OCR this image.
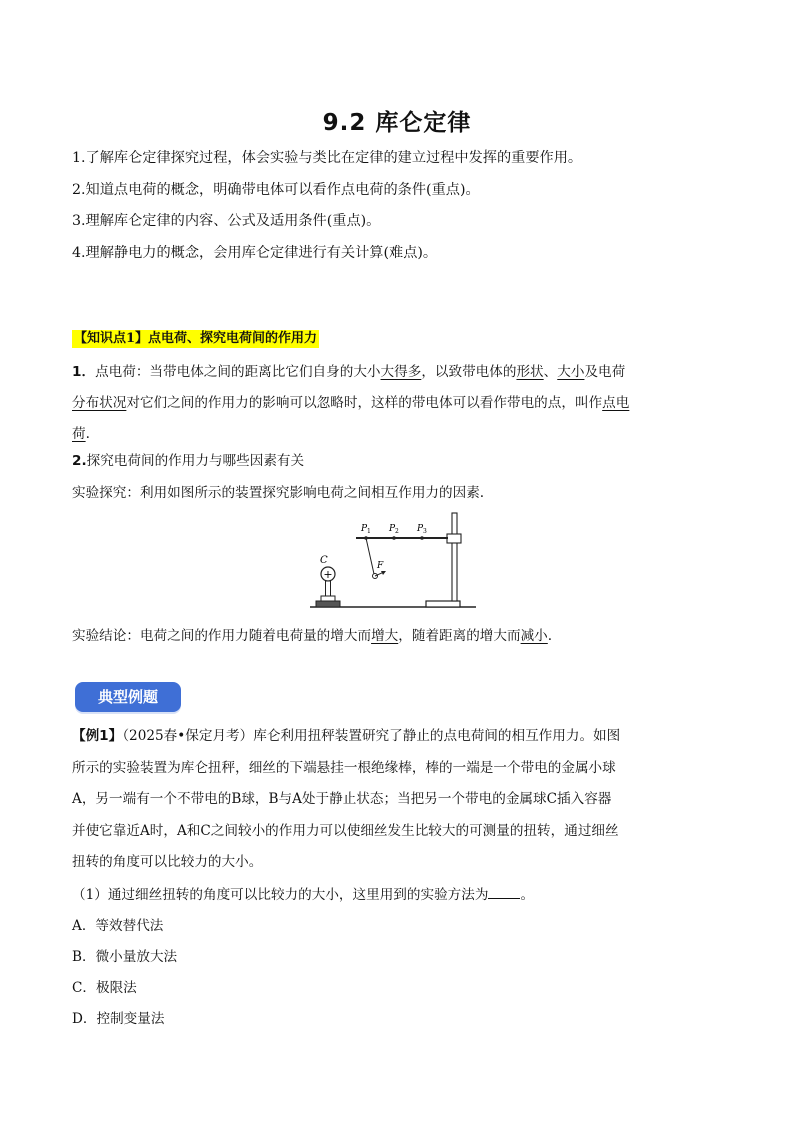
9.2 库仑定律
1.了解库仑定律探究过程，体会实验与类比在定律的建立过程中发挥的重要作用。
2.知道点电荷的概念，明确带电体可以看作点电荷的条件(重点)。
3.理解库仑定律的内容、公式及适用条件(重点)。
4.理解静电力的概念，会用库仑定律进行有关计算(难点)。
【知识点1】点电荷、探究电荷间的作用力
1．点电荷：当带电体之间的距离比它们自身的大小大得多，以致带电体的形状、大小及电荷
分布状况对它们之间的作用力的影响可以忽略时，这样的带电体可以看作带电的点，叫作点电
荷.
2.探究电荷间的作用力与哪些因素有关
实验探究：利用如图所示的装置探究影响电荷之间相互作用力的因素.
+
C
P 1 P 2 P 3
F
实验结论：电荷之间的作用力随着电荷量的增大而增大，随着距离的增大而减小.
典型例题
【例1】（2025春•保定月考）库仑利用扭秤装置研究了静止的点电荷间的相互作用力。如图
所示的实验装置为库仑扭秤，细丝的下端悬挂一根绝缘棒，棒的一端是一个带电的金属小球
A，另一端有一个不带电的B球，B与A处于静止状态；当把另一个带电的金属球C插入容器
并使它靠近A时，A和C之间较小的作用力可以使细丝发生比较大的可测量的扭转，通过细丝
扭转的角度可以比较力的大小。
（1）通过细丝扭转的角度可以比较力的大小，这里用到的实验方法为 。
A．等效替代法
B．微小量放大法
C．极限法
D．控制变量法
